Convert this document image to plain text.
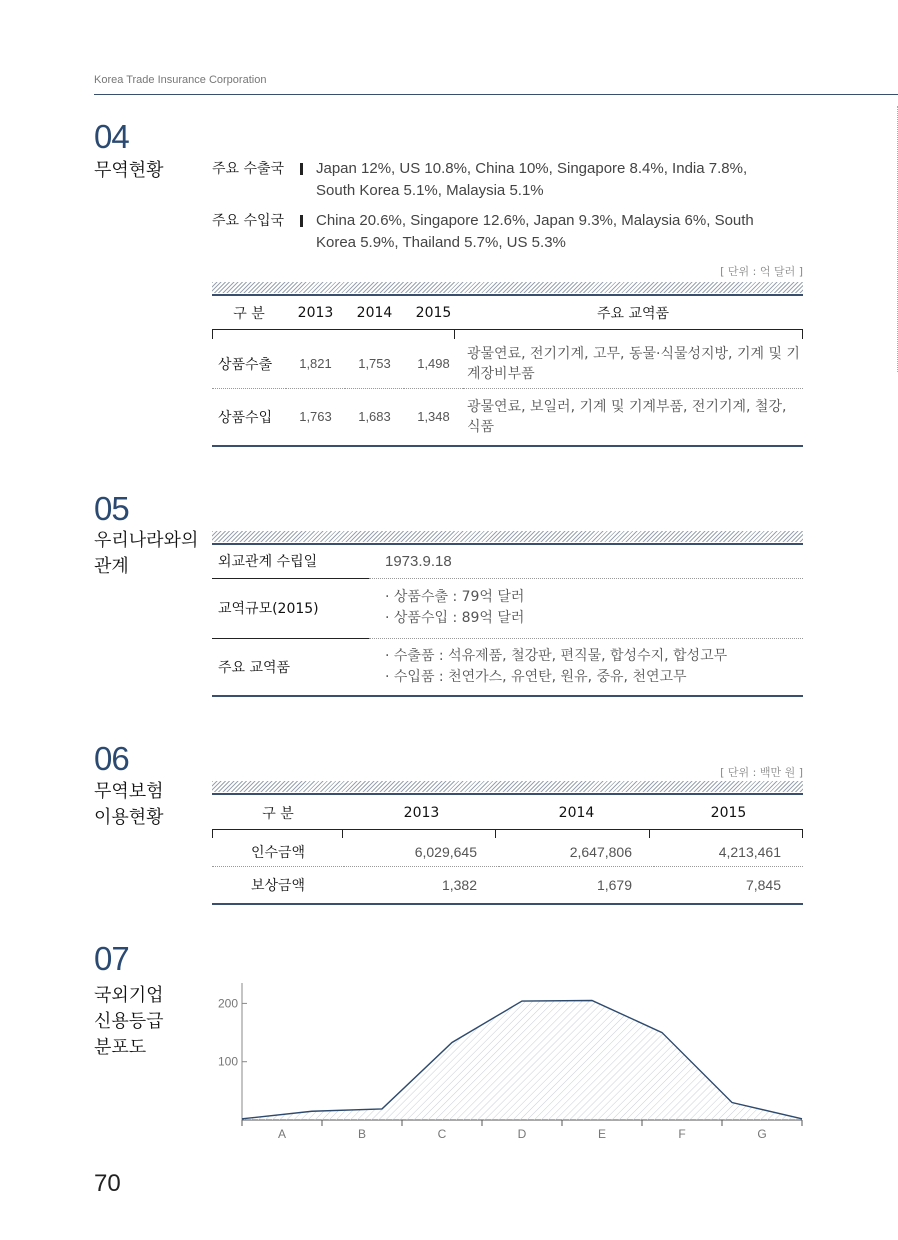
Korea Trade Insurance Corporation
04
무역현황	주요 수출국	Japan 12%, US 10.8%, China 10%, Singapore 8.4%, India 7.8%, South Korea 5.1%, Malaysia 5.1%
주요 수입국	China 20.6%, Singapore 12.6%, Japan 9.3%, Malaysia 6%, South Korea 5.9%, Thailand 5.7%, US 5.3%
[ 단위 : 억 달러 ]
구 분	2013	2014	2015	주요 교역품

상품수출	1,821	1,753	1,498	광물연료, 전기기계, 고무, 동물·식물성지방, 기계 및 기계장비부품
상품수입	1,763	1,683	1,348	광물연료, 보일러, 기계 및 기계부품, 전기기계, 철강, 식품
05
우리나라와의
관계	외교관계 수립일	1973.9.18

교역규모(2015)	· 상품수출 : 79억 달러
· 상품수입 : 89억 달러

주요 교역품	· 수출품 : 석유제품, 철강판, 편직물, 합성수지, 합성고무
· 수입품 : 천연가스, 유연탄, 원유, 중유, 천연고무
06
무역보험
이용현황
[ 단위 : 백만 원 ]
구 분	2013	2014	2015

인수금액	6,029,645	2,647,806	4,213,461
보상금액	1,382	1,679	7,845
07
국외기업
신용등급
분포도
100
200
A	B	C	D	E	F	G
70
